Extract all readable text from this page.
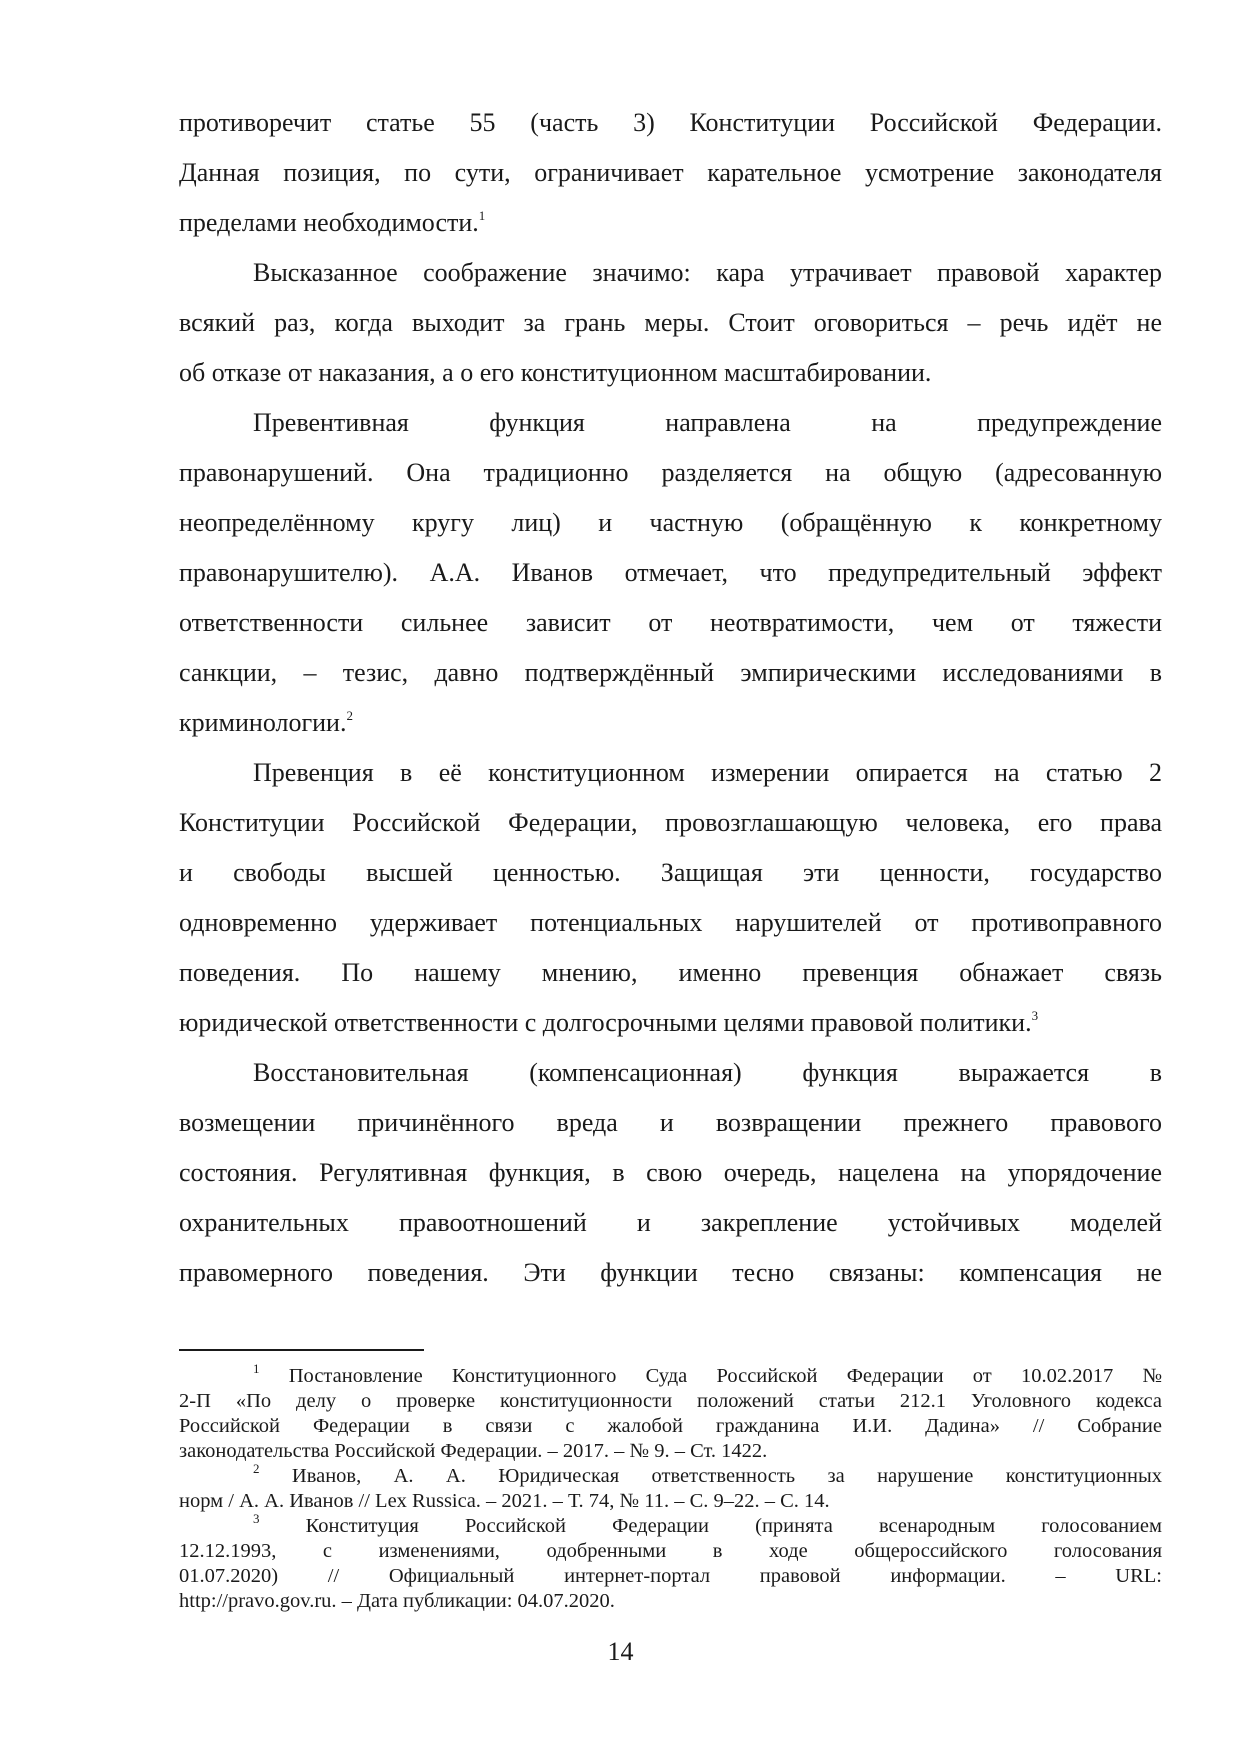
противоречит статье 55 (часть 3) Конституции Российской Федерации.
Данная позиция, по сути, ограничивает карательное усмотрение законодателя
пределами необходимости.$^1$
Высказанное соображение значимо: кара утрачивает правовой характер
всякий раз, когда выходит за грань меры. Стоит оговориться – речь идёт не
об отказе от наказания, а о его конституционном масштабировании.
Превентивная функция направлена на предупреждение
правонарушений. Она традиционно разделяется на общую (адресованную
неопределённому кругу лиц) и частную (обращённую к конкретному
правонарушителю). А.А. Иванов отмечает, что предупредительный эффект
ответственности сильнее зависит от неотвратимости, чем от тяжести
санкции, – тезис, давно подтверждённый эмпирическими исследованиями в
криминологии.$^2$
Превенция в её конституционном измерении опирается на статью 2
Конституции Российской Федерации, провозглашающую человека, его права
и свободы высшей ценностью. Защищая эти ценности, государство
одновременно удерживает потенциальных нарушителей от противоправного
поведения. По нашему мнению, именно превенция обнажает связь
юридической ответственности с долгосрочными целями правовой политики.$^3$
Восстановительная (компенсационная) функция выражается в
возмещении причинённого вреда и возвращении прежнего правового
состояния. Регулятивная функция, в свою очередь, нацелена на упорядочение
охранительных правоотношений и закрепление устойчивых моделей
правомерного поведения. Эти функции тесно связаны: компенсация не
$^1$ Постановление Конституционного Суда Российской Федерации от 10.02.2017 №
2-П «По делу о проверке конституционности положений статьи 212.1 Уголовного кодекса
Российской Федерации в связи с жалобой гражданина И.И. Дадина» // Собрание
законодательства Российской Федерации. – 2017. – № 9. – Ст. 1422.
$^2$ Иванов, А. А. Юридическая ответственность за нарушение конституционных
норм / А. А. Иванов // Lex Russica. – 2021. – Т. 74, № 11. – С. 9–22. – С. 14.
$^3$ Конституция Российской Федерации (принята всенародным голосованием
12.12.1993, с изменениями, одобренными в ходе общероссийского голосования
01.07.2020) // Официальный интернет-портал правовой информации. – URL:
http://pravo.gov.ru. – Дата публикации: 04.07.2020.
14
